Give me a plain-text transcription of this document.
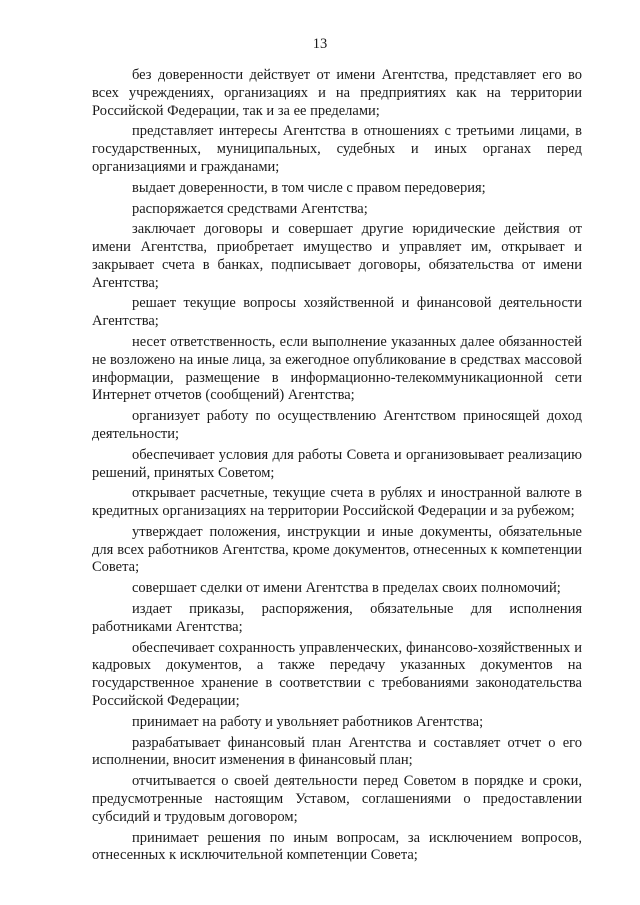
13

без доверенности действует от имени Агентства, представляет его во всех учреждениях, организациях и на предприятиях как на территории Российской Федерации, так и за ее пределами;

представляет интересы Агентства в отношениях с третьими лицами, в государственных, муниципальных, судебных и иных органах перед организациями и гражданами;

выдает доверенности, в том числе с правом передоверия;

распоряжается средствами Агентства;

заключает договоры и совершает другие юридические действия от имени Агентства, приобретает имущество и управляет им, открывает и закрывает счета в банках, подписывает договоры, обязательства от имени Агентства;

решает текущие вопросы хозяйственной и финансовой деятельности Агентства;

несет ответственность, если выполнение указанных далее обязанностей не возложено на иные лица, за ежегодное опубликование в средствах массовой информации, размещение в информационно-телекоммуникационной сети Интернет отчетов (сообщений) Агентства;

организует работу по осуществлению Агентством приносящей доход деятельности;

обеспечивает условия для работы Совета и организовывает реализацию решений, принятых Советом;

открывает расчетные, текущие счета в рублях и иностранной валюте в кредитных организациях на территории Российской Федерации и за рубежом;

утверждает положения, инструкции и иные документы, обязательные для всех работников Агентства, кроме документов, отнесенных к компетенции Совета;

совершает сделки от имени Агентства в пределах своих полномочий;

издает приказы, распоряжения, обязательные для исполнения работниками Агентства;

обеспечивает сохранность управленческих, финансово-хозяйственных и кадровых документов, а также передачу указанных документов на государственное хранение в соответствии с требованиями законодательства Российской Федерации;

принимает на работу и увольняет работников Агентства;

разрабатывает финансовый план Агентства и составляет отчет о его исполнении, вносит изменения в финансовый план;

отчитывается о своей деятельности перед Советом в порядке и сроки, предусмотренные настоящим Уставом, соглашениями о предоставлении субсидий и трудовым договором;

принимает решения по иным вопросам, за исключением вопросов, отнесенных к исключительной компетенции Совета;
